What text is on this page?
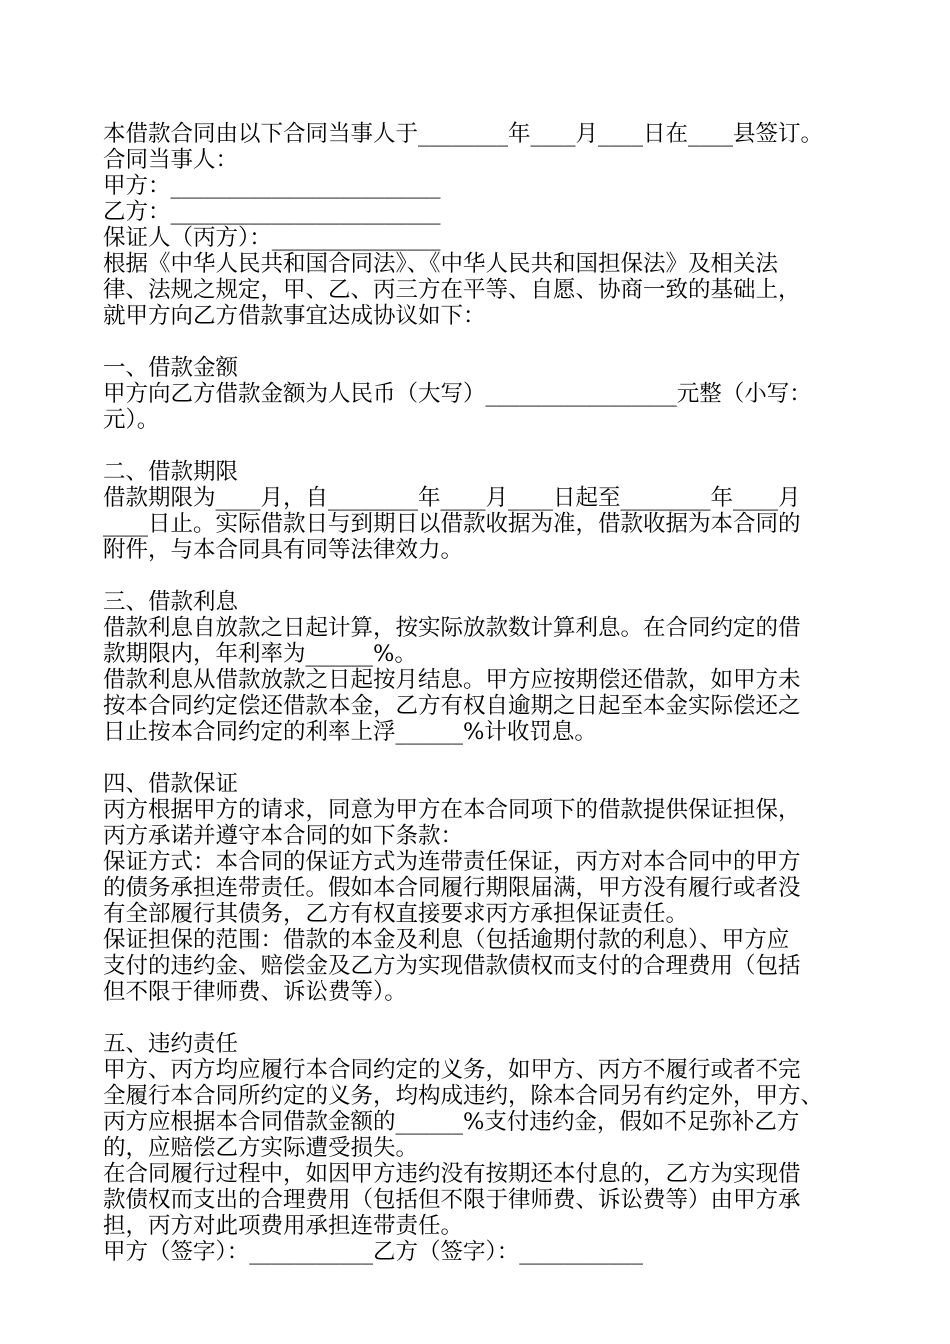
本借款合同由以下合同当事人于________年____月____日在____县签订。
合同当事人：
甲方：________________________
乙方：________________________
保证人（丙方）：_______________
根据《中华人民共和国合同法》、《中华人民共和国担保法》及相关法
律、法规之规定，甲、乙、丙三方在平等、自愿、协商一致的基础上，
就甲方向乙方借款事宜达成协议如下：
一、借款金额
甲方向乙方借款金额为人民币（大写）_________________元整（小写：
元）。
二、借款期限
借款期限为____月，自________年____月____日起至________年____月
____日止。实际借款日与到期日以借款收据为准，借款收据为本合同的
附件，与本合同具有同等法律效力。
三、借款利息
借款利息自放款之日起计算，按实际放款数计算利息。在合同约定的借
款期限内，年利率为______%。
借款利息从借款放款之日起按月结息。甲方应按期偿还借款，如甲方未
按本合同约定偿还借款本金，乙方有权自逾期之日起至本金实际偿还之
日止按本合同约定的利率上浮______%计收罚息。
四、借款保证
丙方根据甲方的请求，同意为甲方在本合同项下的借款提供保证担保，
丙方承诺并遵守本合同的如下条款：
保证方式：本合同的保证方式为连带责任保证，丙方对本合同中的甲方
的债务承担连带责任。假如本合同履行期限届满，甲方没有履行或者没
有全部履行其债务，乙方有权直接要求丙方承担保证责任。
保证担保的范围：借款的本金及利息（包括逾期付款的利息）、甲方应
支付的违约金、赔偿金及乙方为实现借款债权而支付的合理费用（包括
但不限于律师费、诉讼费等）。
五、违约责任
甲方、丙方均应履行本合同约定的义务，如甲方、丙方不履行或者不完
全履行本合同所约定的义务，均构成违约，除本合同另有约定外，甲方、
丙方应根据本合同借款金额的______%支付违约金，假如不足弥补乙方
的，应赔偿乙方实际遭受损失。
在合同履行过程中，如因甲方违约没有按期还本付息的，乙方为实现借
款债权而支出的合理费用（包括但不限于律师费、诉讼费等）由甲方承
担，丙方对此项费用承担连带责任。
甲方（签字）：___________乙方（签字）：___________
